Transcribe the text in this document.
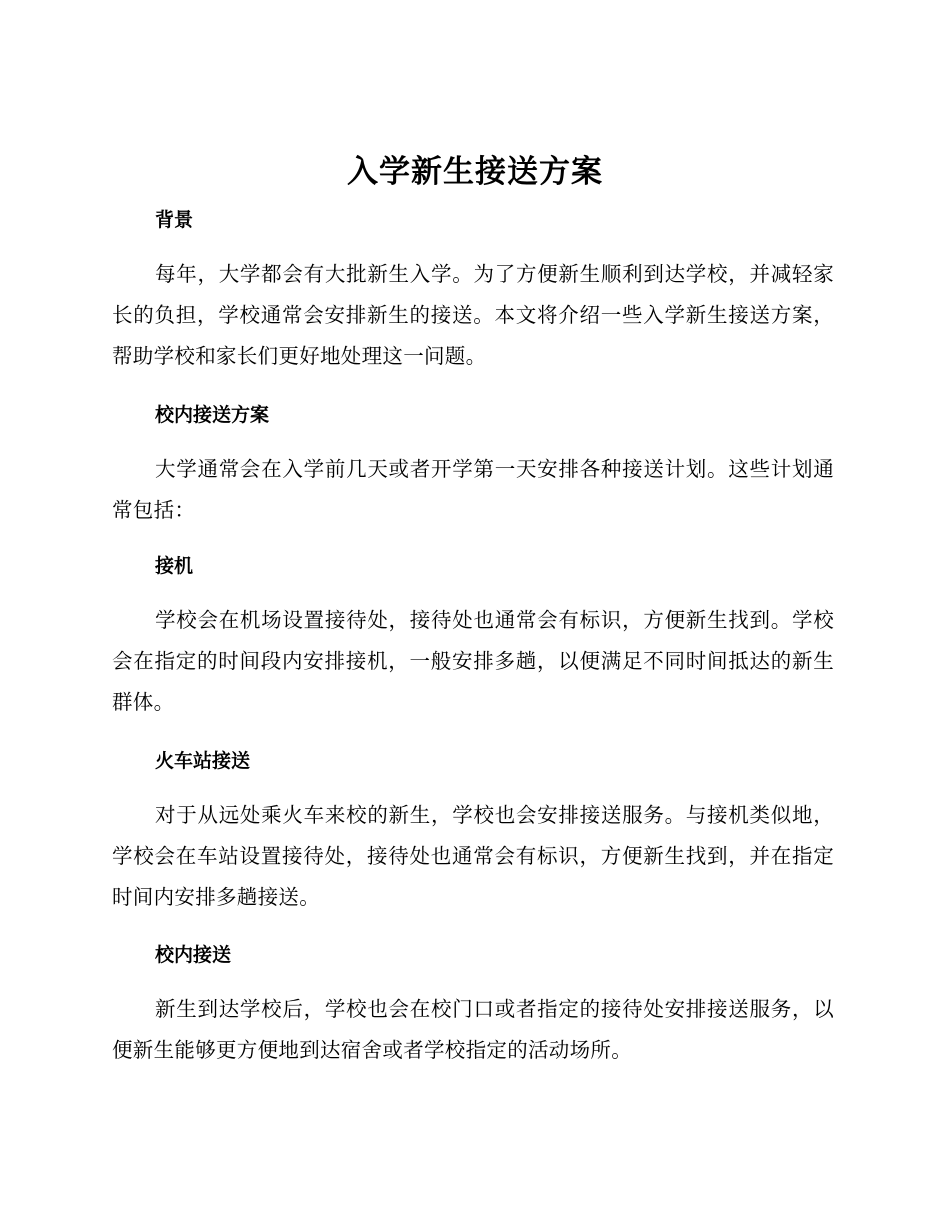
入学新生接送方案
背景

每年，大学都会有大批新生入学。为了方便新生顺利到达学校，并减轻家长的负担，学校通常会安排新生的接送。本文将介绍一些入学新生接送方案，帮助学校和家长们更好地处理这一问题。

校内接送方案

大学通常会在入学前几天或者开学第一天安排各种接送计划。这些计划通常包括：

接机

学校会在机场设置接待处，接待处也通常会有标识，方便新生找到。学校会在指定的时间段内安排接机，一般安排多趟，以便满足不同时间抵达的新生群体。

火车站接送

对于从远处乘火车来校的新生，学校也会安排接送服务。与接机类似地，学校会在车站设置接待处，接待处也通常会有标识，方便新生找到，并在指定时间内安排多趟接送。

校内接送

新生到达学校后，学校也会在校门口或者指定的接待处安排接送服务，以便新生能够更方便地到达宿舍或者学校指定的活动场所。
